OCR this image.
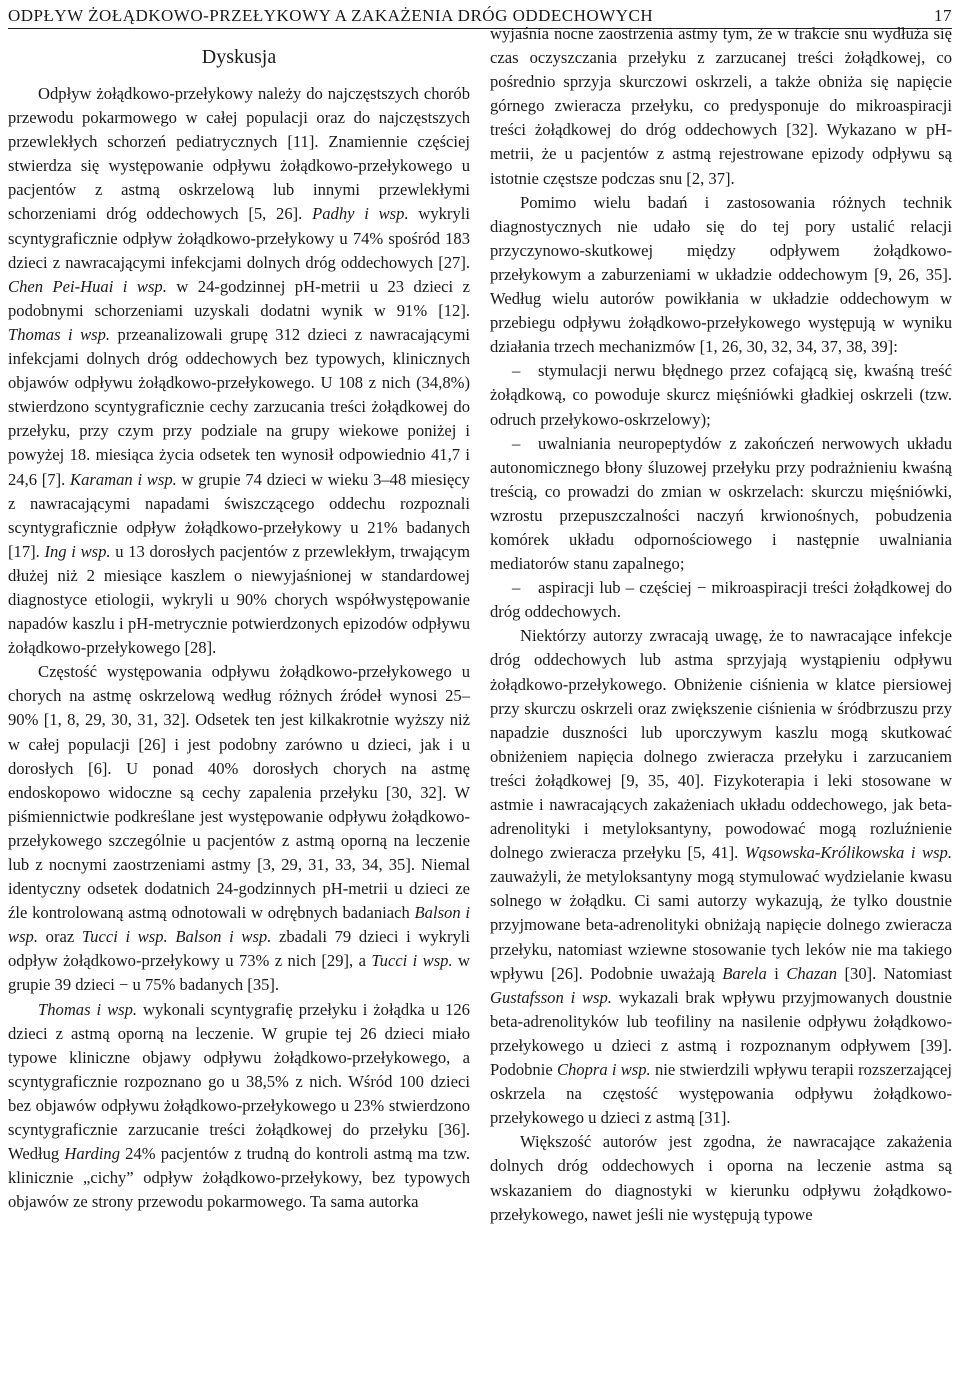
ODPŁYW ŻOŁĄDKOWO-PRZEŁYKOWY A ZAKAŻENIA DRÓG ODDECHOWYCH	17
Dyskusja

Odpływ żołądkowo-przełykowy należy do najczęstszych chorób przewodu pokarmowego w całej populacji oraz do najczęstszych przewlekłych schorzeń pediatrycznych [11]. Znamiennie częściej stwierdza się występowanie odpływu żołądkowo-przełykowego u pacjentów z astmą oskrzelową lub innymi przewlekłymi schorzeniami dróg oddechowych [5, 26]. Padhy i wsp. wykryli scyntygraficznie odpływ żołądkowo-przełykowy u 74% spośród 183 dzieci z nawracającymi infekcjami dolnych dróg oddechowych [27]. Chen Pei-Huai i wsp. w 24-godzinnej pH-metrii u 23 dzieci z podobnymi schorzeniami uzyskali dodatni wynik w 91% [12]. Thomas i wsp. przeanalizowali grupę 312 dzieci z nawracającymi infekcjami dolnych dróg oddechowych bez typowych, klinicznych objawów odpływu żołądkowo-przełykowego. U 108 z nich (34,8%) stwierdzono scyntygraficznie cechy zarzucania treści żołądkowej do przełyku, przy czym przy podziale na grupy wiekowe poniżej i powyżej 18. miesiąca życia odsetek ten wynosił odpowiednio 41,7 i 24,6 [7]. Karaman i wsp. w grupie 74 dzieci w wieku 3–48 miesięcy z nawracającymi napadami świszczącego oddechu rozpoznali scyntygraficznie odpływ żołądkowo-przełykowy u 21% badanych [17]. Ing i wsp. u 13 dorosłych pacjentów z przewlekłym, trwającym dłużej niż 2 miesiące kaszlem o niewyjaśnionej w standardowej diagnostyce etiologii, wykryli u 90% chorych współwystępowanie napadów kaszlu i pH-metrycznie potwierdzonych epizodów odpływu żołądkowo-przełykowego [28].

Częstość występowania odpływu żołądkowo-przełykowego u chorych na astmę oskrzelową według różnych źródeł wynosi 25–90% [1, 8, 29, 30, 31, 32]. Odsetek ten jest kilkakrotnie wyższy niż w całej populacji [26] i jest podobny zarówno u dzieci, jak i u dorosłych [6]. U ponad 40% dorosłych chorych na astmę endoskopowo widoczne są cechy zapalenia przełyku [30, 32]. W piśmiennictwie podkreślane jest występowanie odpływu żołądkowo-przełykowego szczególnie u pacjentów z astmą oporną na leczenie lub z nocnymi zaostrzeniami astmy [3, 29, 31, 33, 34, 35]. Niemal identyczny odsetek dodatnich 24-godzinnych pH-metrii u dzieci ze źle kontrolowaną astmą odnotowali w odrębnych badaniach Balson i wsp. oraz Tucci i wsp. Balson i wsp. zbadali 79 dzieci i wykryli odpływ żołądkowo-przełykowy u 73% z nich [29], a Tucci i wsp. w grupie 39 dzieci − u 75% badanych [35].

Thomas i wsp. wykonali scyntygrafię przełyku i żołądka u 126 dzieci z astmą oporną na leczenie. W grupie tej 26 dzieci miało typowe kliniczne objawy odpływu żołądkowo-przełykowego, a scyntygraficznie rozpoznano go u 38,5% z nich. Wśród 100 dzieci bez objawów odpływu żołądkowo-przełykowego u 23% stwierdzono scyntygraficznie zarzucanie treści żołądkowej do przełyku [36]. Według Harding 24% pacjentów z trudną do kontroli astmą ma tzw. klinicznie „cichy” odpływ żołądkowo-przełykowy, bez typowych objawów ze strony przewodu pokarmowego. Ta sama autorka

wyjaśnia nocne zaostrzenia astmy tym, że w trakcie snu wydłuża się czas oczyszczania przełyku z zarzucanej treści żołądkowej, co pośrednio sprzyja skurczowi oskrzeli, a także obniża się napięcie górnego zwieracza przełyku, co predysponuje do mikroaspiracji treści żołądkowej do dróg oddechowych [32]. Wykazano w pH-metrii, że u pacjentów z astmą rejestrowane epizody odpływu są istotnie częstsze podczas snu [2, 37].

Pomimo wielu badań i zastosowania różnych technik diagnostycznych nie udało się do tej pory ustalić relacji przyczynowo-skutkowej między odpływem żołądkowo-przełykowym a zaburzeniami w układzie oddechowym [9, 26, 35]. Według wielu autorów powikłania w układzie oddechowym w przebiegu odpływu żołądkowo-przełykowego występują w wyniku działania trzech mechanizmów [1, 26, 30, 32, 34, 37, 38, 39]:

– stymulacji nerwu błędnego przez cofającą się, kwaśną treść żołądkową, co powoduje skurcz mięśniówki gładkiej oskrzeli (tzw. odruch przełykowo-oskrzelowy);
– uwalniania neuropeptydów z zakończeń nerwowych układu autonomicznego błony śluzowej przełyku przy podrażnieniu kwaśną treścią, co prowadzi do zmian w oskrzelach: skurczu mięśniówki, wzrostu przepuszczalności naczyń krwionośnych, pobudzenia komórek układu odpornościowego i następnie uwalniania mediatorów stanu zapalnego;
– aspiracji lub – częściej − mikroaspiracji treści żołądkowej do dróg oddechowych.

Niektórzy autorzy zwracają uwagę, że to nawracające infekcje dróg oddechowych lub astma sprzyjają wystąpieniu odpływu żołądkowo-przełykowego. Obniżenie ciśnienia w klatce piersiowej przy skurczu oskrzeli oraz zwiększenie ciśnienia w śródbrzuszu przy napadzie duszności lub uporczywym kaszlu mogą skutkować obniżeniem napięcia dolnego zwieracza przełyku i zarzucaniem treści żołądkowej [9, 35, 40]. Fizykoterapia i leki stosowane w astmie i nawracających zakażeniach układu oddechowego, jak beta-adrenolityki i metyloksantyny, powodować mogą rozluźnienie dolnego zwieracza przełyku [5, 41]. Wąsowska-Królikowska i wsp. zauważyli, że metyloksantyny mogą stymulować wydzielanie kwasu solnego w żołądku. Ci sami autorzy wykazują, że tylko doustnie przyjmowane beta-adrenolityki obniżają napięcie dolnego zwieracza przełyku, natomiast wziewne stosowanie tych leków nie ma takiego wpływu [26]. Podobnie uważają Barela i Chazan [30]. Natomiast Gustafsson i wsp. wykazali brak wpływu przyjmowanych doustnie beta-adrenolityków lub teofiliny na nasilenie odpływu żołądkowo-przełykowego u dzieci z astmą i rozpoznanym odpływem [39]. Podobnie Chopra i wsp. nie stwierdzili wpływu terapii rozszerzającej oskrzela na częstość występowania odpływu żołądkowo-przełykowego u dzieci z astmą [31].

Większość autorów jest zgodna, że nawracające zakażenia dolnych dróg oddechowych i oporna na leczenie astma są wskazaniem do diagnostyki w kierunku odpływu żołądkowo-przełykowego, nawet jeśli nie występują typowe
